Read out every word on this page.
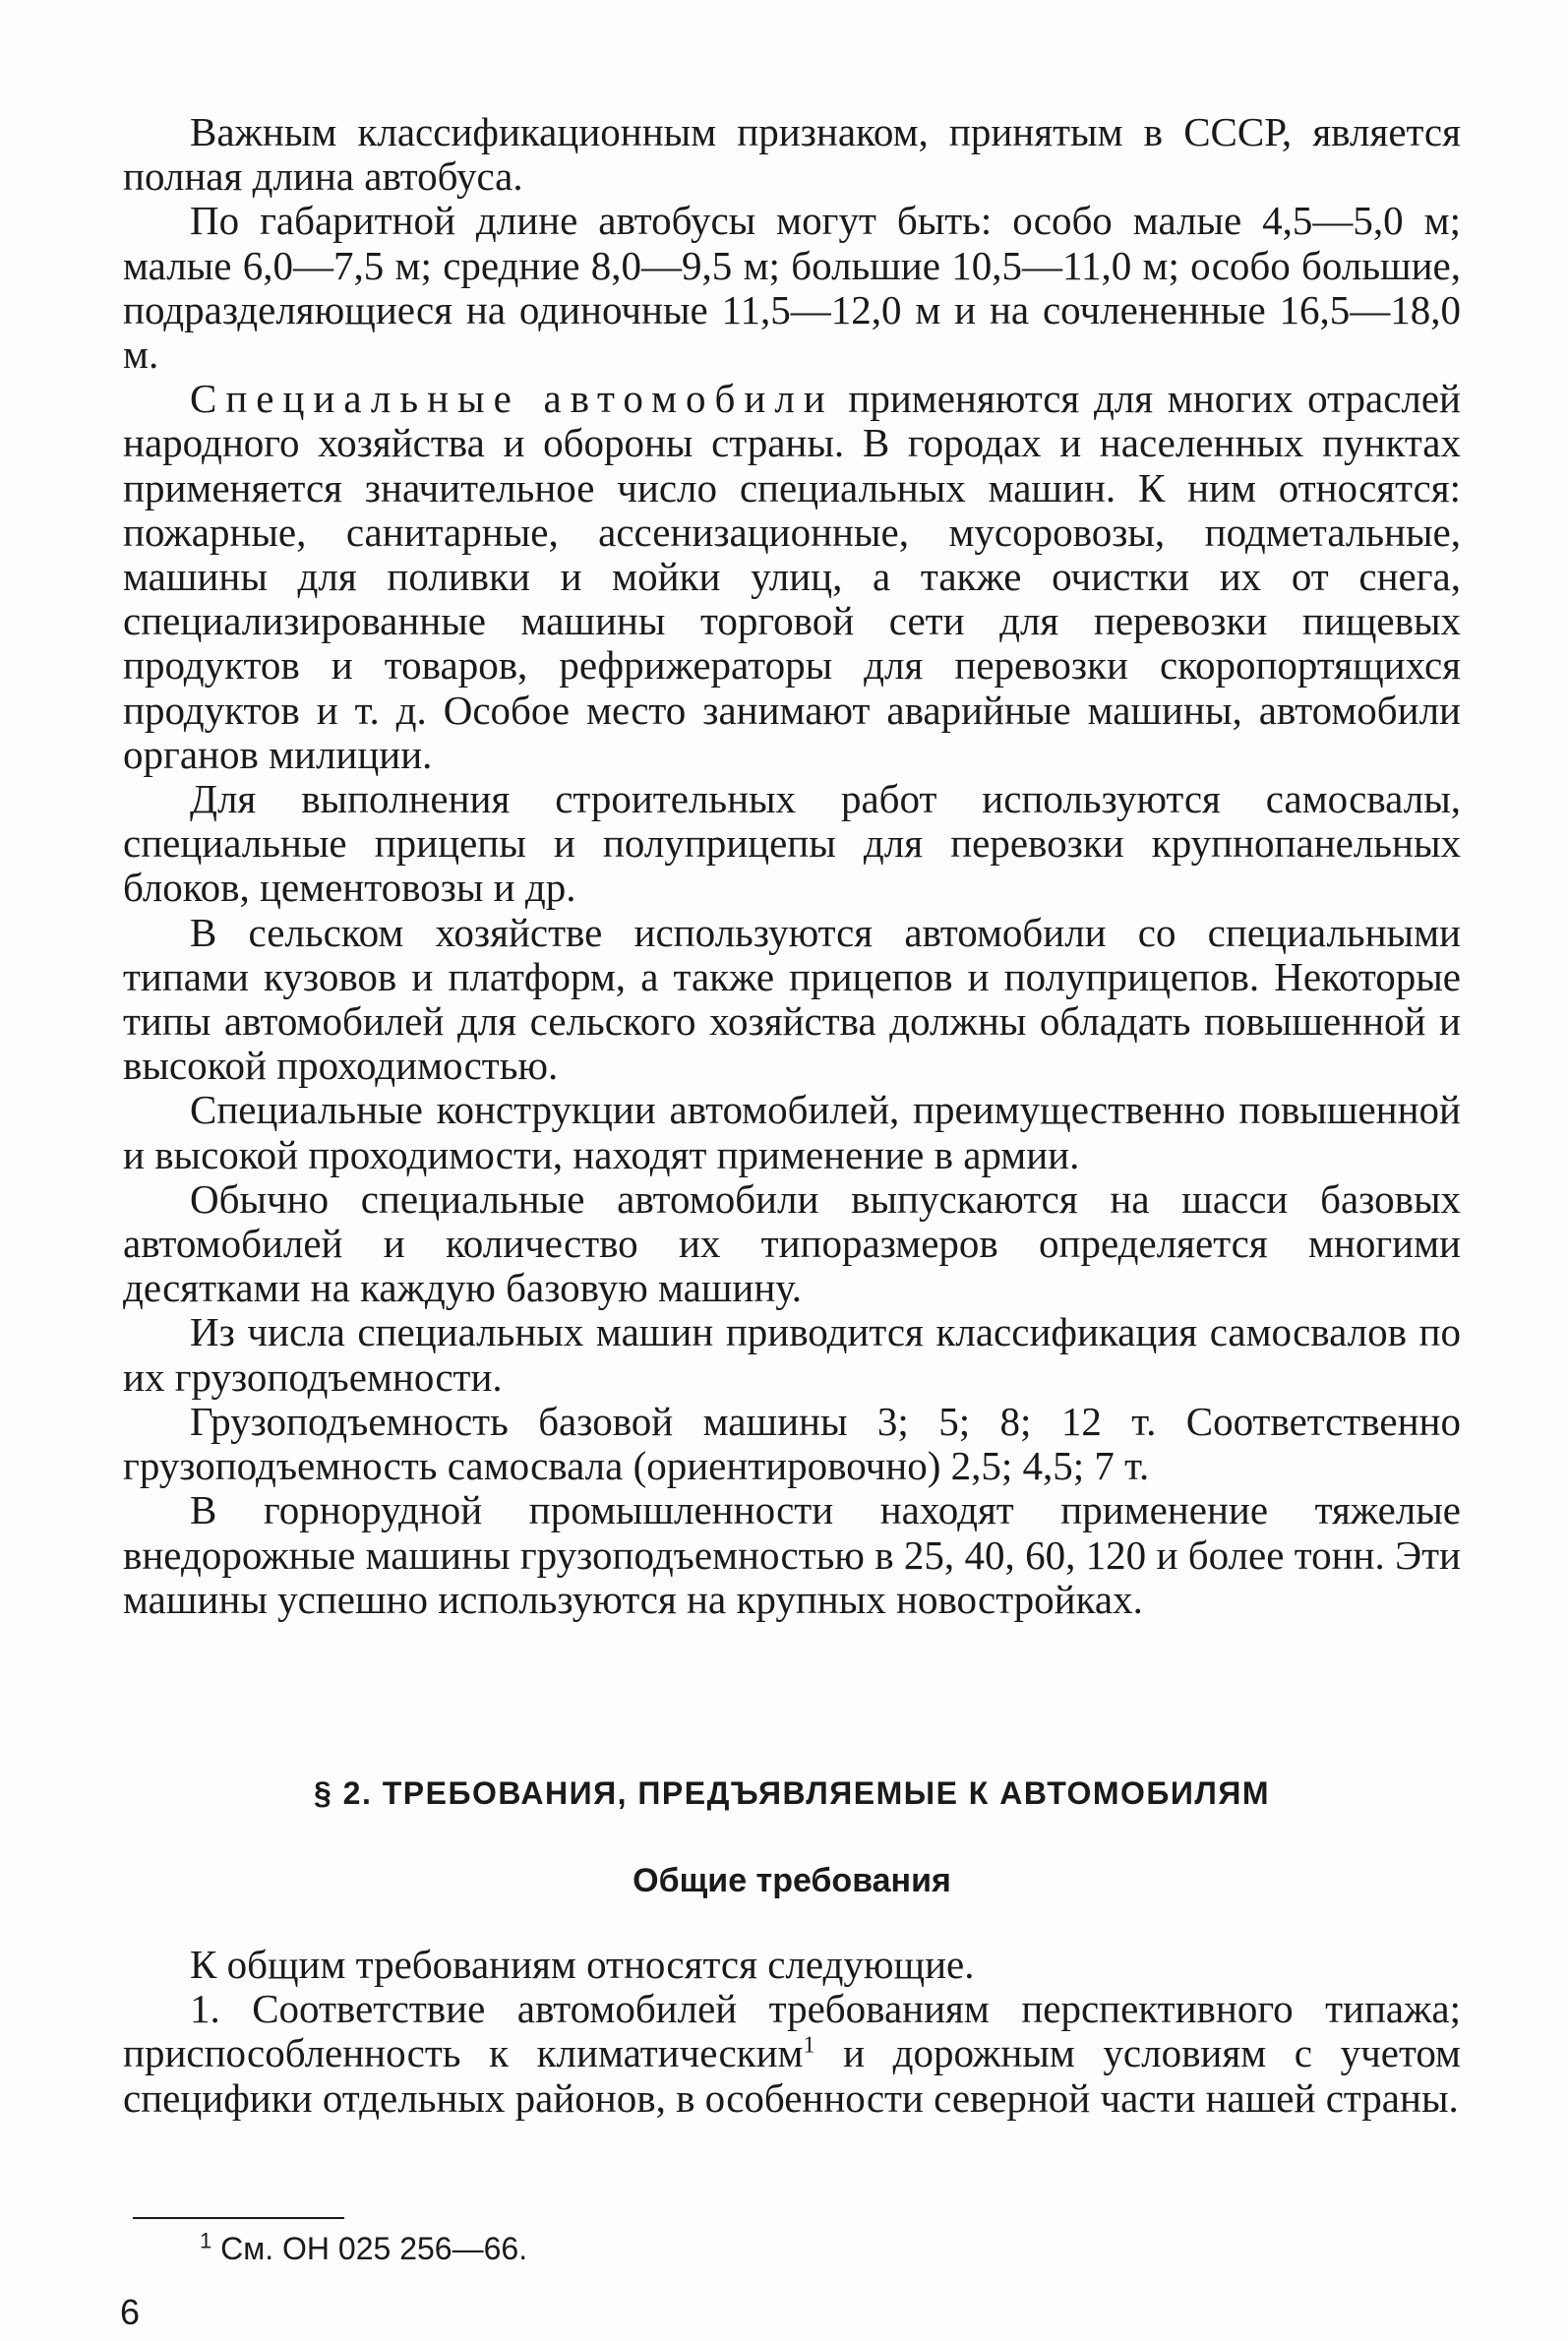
Важным классификационным признаком, принятым в СССР, является полная длина автобуса.

По габаритной длине автобусы могут быть: особо малые 4,5—5,0 м; малые 6,0—7,5 м; средние 8,0—9,5 м; большие 10,5—11,0 м; особо большие, подразделяющиеся на одиночные 11,5—12,0 м и на сочлененные 16,5—18,0 м.

Специальные автомобили применяются для многих отраслей народного хозяйства и обороны страны. В городах и населенных пунктах применяется значительное число специальных машин. К ним относятся: пожарные, санитарные, ассенизационные, мусоровозы, подметальные, машины для поливки и мойки улиц, а также очистки их от снега, специализированные машины торговой сети для перевозки пищевых продуктов и товаров, рефрижераторы для перевозки скоропортящихся продуктов и т. д. Особое место занимают аварийные машины, автомобили органов милиции.

Для выполнения строительных работ используются самосвалы, специальные прицепы и полуприцепы для перевозки крупнопанельных блоков, цементовозы и др.

В сельском хозяйстве используются автомобили со специальными типами кузовов и платформ, а также прицепов и полуприцепов. Некоторые типы автомобилей для сельского хозяйства должны обладать повышенной и высокой проходимостью.

Специальные конструкции автомобилей, преимущественно повышенной и высокой проходимости, находят применение в армии.

Обычно специальные автомобили выпускаются на шасси базовых автомобилей и количество их типоразмеров определяется многими десятками на каждую базовую машину.

Из числа специальных машин приводится классификация самосвалов по их грузоподъемности.

Грузоподъемность базовой машины 3; 5; 8; 12 т. Соответственно грузоподъемность самосвала (ориентировочно) 2,5; 4,5; 7 т.

В горнорудной промышленности находят применение тяжелые внедорожные машины грузоподъемностью в 25, 40, 60, 120 и более тонн. Эти машины успешно используются на крупных новостройках.

§ 2. ТРЕБОВАНИЯ, ПРЕДЪЯВЛЯЕМЫЕ К АВТОМОБИЛЯМ
Общие требования

К общим требованиям относятся следующие.

1. Соответствие автомобилей требованиям перспективного типажа; приспособленность к климатическим$^1$ и дорожным условиям с учетом специфики отдельных районов, в особенности северной части нашей страны.

$^1$ См. ОН 025 256—66.

6
